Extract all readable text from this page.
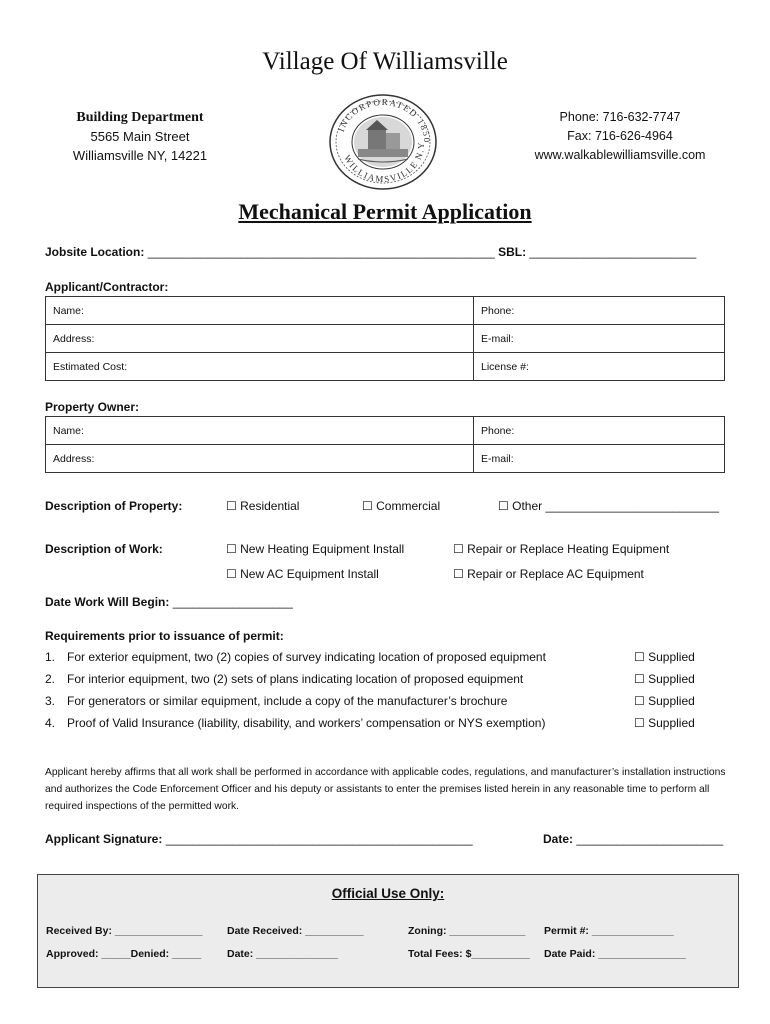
Village Of Williamsville
Building Department
5565 Main Street
Williamsville NY, 14221
Phone: 716-632-7747
Fax: 716-626-4964
www.walkablewilliamsville.com
INCORPORATED 1850
WILLIAMSVILLE N.Y
Mechanical Permit Application
Jobsite Location: ____________________________________________________ SBL: _________________________
Applicant/Contractor:
Name:	Phone:
Address:	E-mail:
Estimated Cost:	License #:
Property Owner:
Name:	Phone:
Address:	E-mail:
Description of Property: ☐	Residential ☐	Commercial ☐	Other __________________________
Description of Work: ☐	New Heating Equipment Install ☐	Repair or Replace Heating Equipment
☐ New AC Equipment Install ☐	Repair or Replace AC Equipment
Date Work Will Begin: __________________
Requirements prior to issuance of permit:
1. For exterior equipment, two (2) copies of survey indicating location of proposed equipment ☐	Supplied
2. For interior equipment, two (2) sets of plans indicating location of proposed equipment ☐	Supplied
3. For generators or similar equipment, include a copy of the manufacturer’s brochure ☐	Supplied
4. Proof of Valid Insurance (liability, disability, and workers’ compensation or NYS exemption) ☐	Supplied
Applicant hereby affirms that all work shall be performed in accordance with applicable codes, regulations, and manufacturer’s installation instructions and authorizes the Code Enforcement Officer and his deputy or assistants to enter the premises listed herein in any reasonable time to perform all required inspections of the permitted work.
Applicant Signature: ______________________________________________	Date: ______________________
Official Use Only:
Received By: _______________ Date Received: __________	Zoning: _____________ Permit #: ______________
Approved: _____Denied: _____ Date: ______________	Total Fees: $__________ Date Paid: _______________
